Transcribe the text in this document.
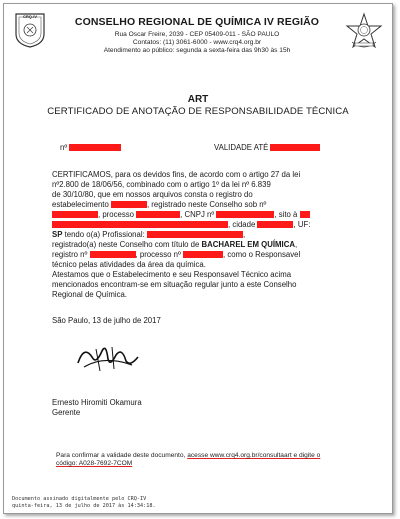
CRQ-IV	CONSELHO REGIONAL DE QUÍMICA IV REGIÃO
Rua Oscar Freire, 2039 - CEP 05409-011 - SÃO PAULO
Contatos: (11) 3061-6000 - www.crq4.org.br
Atendimento ao público: segunda a sexta-feira das 9h30 às 15h
ART
CERTIFICADO DE ANOTAÇÃO DE RESPONSABILIDADE TÉCNICA
nº	VALIDADE ATÉ
CERTIFICAMOS, para os devidos fins, de acordo com o artigo 27 da lei
nº2.800 de 18/06/56, combinado com o artigo 1º da lei nº 6.839
de 30/10/80, que em nossos arquivos consta o registro do
estabelecimento	, registrado neste Conselho sob nº
, processo	, CNPJ nº	, sito à
, cidade	, UF:
SP tendo o(a) Profissional:	,
registrado(a) neste Conselho com título de BACHAREL EM QUÍMICA,
registro nº	, processo nº	, como o Responsavel
técnico pelas atividades da área da química.
Atestamos que o Estabelecimento e seu Responsavel Técnico acima
mencionados encontram-se em situação regular junto a este Conselho
Regional de Química.
São Paulo, 13 de julho de 2017
Ernesto Hiromiti Okamura
Gerente
Para confirmar a validade deste documento, acesse www.crq4.org.br/consultaart e digite o
código: A028-7692-7COM
Documento assinado digitalmente pelo CRQ-IV
quinta-feira, 13 de julho de 2017 às 14:34:18.
